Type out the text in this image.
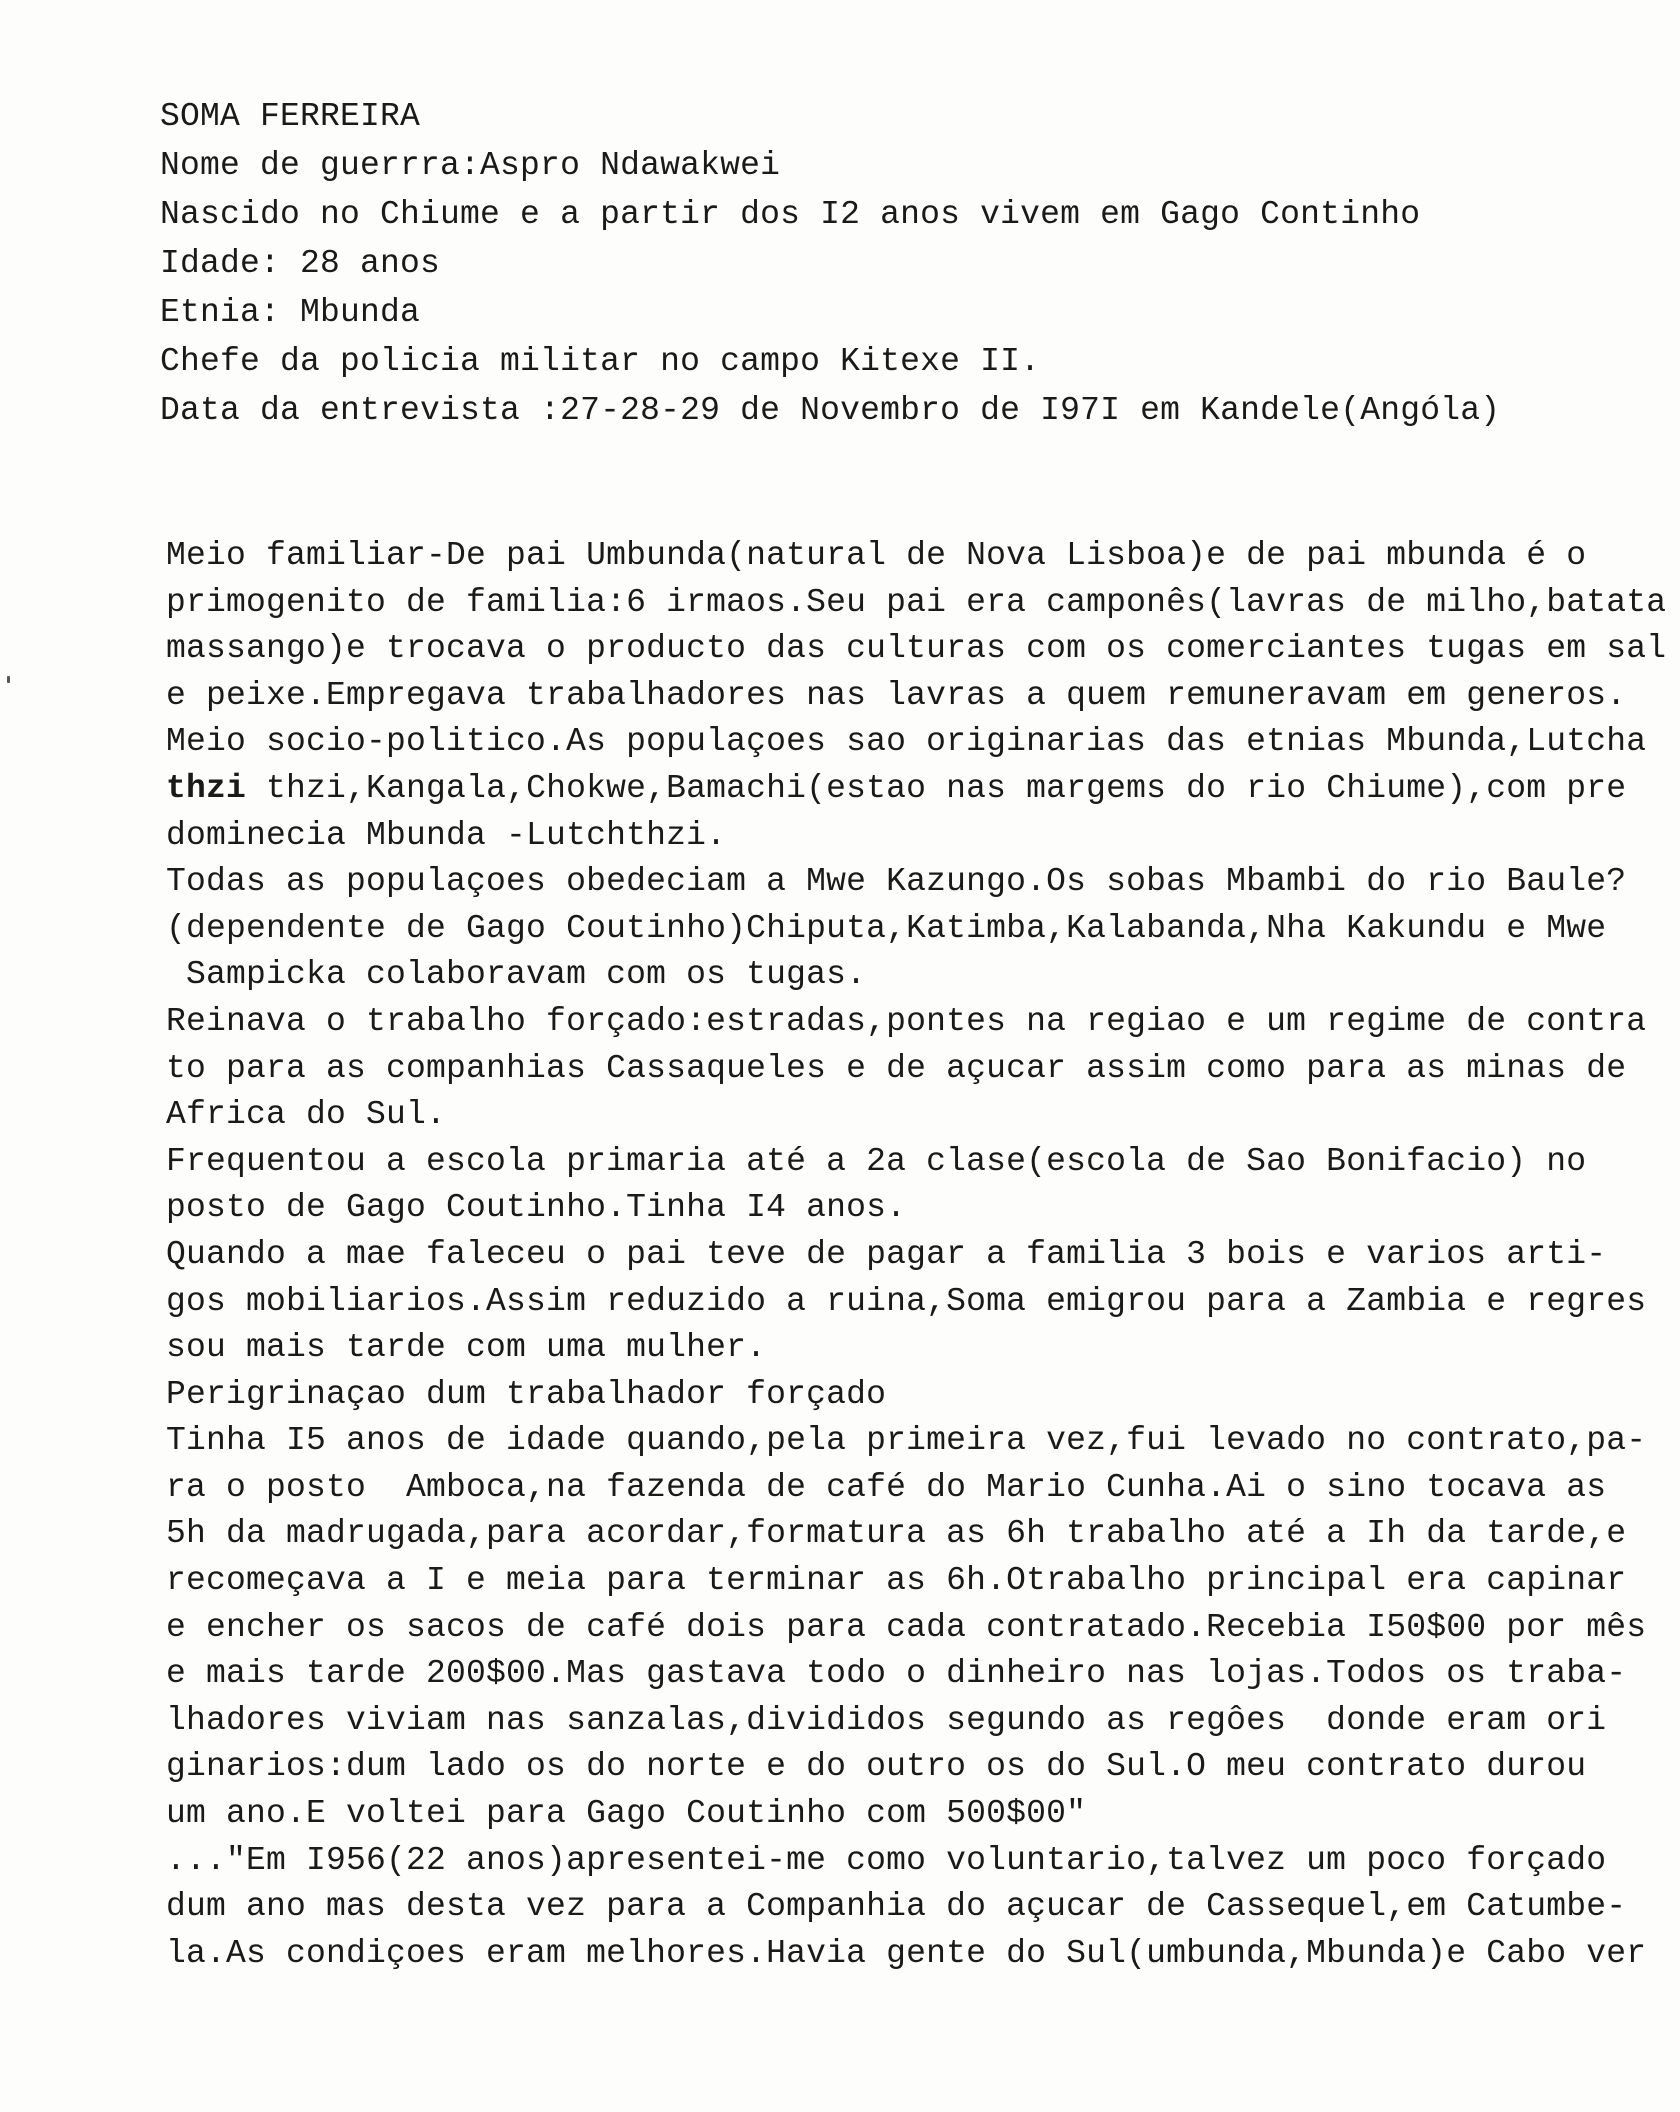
SOMA FERREIRA

Nome de guerrra:Aspro Ndawakwei

Nascido no Chiume e a partir dos I2 anos vivem em Gago Continho

Idade: 28 anos

Etnia: Mbunda

Chefe da policia militar no campo Kitexe II.

Data da entrevista :27-28-29 de Novembro de I97I em Kandele(Angóla)

Meio familiar-De pai Umbunda(natural de Nova Lisboa)e de pai mbunda é o

primogenito de familia:6 irmaos.Seu pai era camponês(lavras de milho,batata

massango)e trocava o producto das culturas com os comerciantes tugas em sal

e peixe.Empregava trabalhadores nas lavras a quem remuneravam em generos.

Meio socio-politico.As populaçoes sao originarias das etnias Mbunda,Lutcha

thzi thzi,Kangala,Chokwe,Bamachi(estao nas margems do rio Chiume),com pre

dominecia Mbunda -Lutchthzi.

Todas as populaçoes obedeciam a Mwe Kazungo.Os sobas Mbambi do rio Baule?

(dependente de Gago Coutinho)Chiputa,Katimba,Kalabanda,Nha Kakundu e Mwe

Sampicka colaboravam com os tugas.

Reinava o trabalho forçado:estradas,pontes na regiao e um regime de contra

to para as companhias Cassaqueles e de açucar assim como para as minas de

Africa do Sul.

Frequentou a escola primaria até a 2a clase(escola de Sao Bonifacio) no

posto de Gago Coutinho.Tinha I4 anos.

Quando a mae faleceu o pai teve de pagar a familia 3 bois e varios arti-

gos mobiliarios.Assim reduzido a ruina,Soma emigrou para a Zambia e regres

sou mais tarde com uma mulher.

Perigrinaçao dum trabalhador forçado

Tinha I5 anos de idade quando,pela primeira vez,fui levado no contrato,pa-

ra o posto  Amboca,na fazenda de café do Mario Cunha.Ai o sino tocava as

5h da madrugada,para acordar,formatura as 6h trabalho até a Ih da tarde,e

recomeçava a I e meia para terminar as 6h.Otrabalho principal era capinar

e encher os sacos de café dois para cada contratado.Recebia I50$00 por mês

e mais tarde 200$00.Mas gastava todo o dinheiro nas lojas.Todos os traba-

lhadores viviam nas sanzalas,divididos segundo as regôes  donde eram ori

ginarios:dum lado os do norte e do outro os do Sul.O meu contrato durou

um ano.E voltei para Gago Coutinho com 500$00"

..."Em I956(22 anos)apresentei-me como voluntario,talvez um poco forçado

dum ano mas desta vez para a Companhia do açucar de Cassequel,em Catumbe-

la.As condiçoes eram melhores.Havia gente do Sul(umbunda,Mbunda)e Cabo ver
